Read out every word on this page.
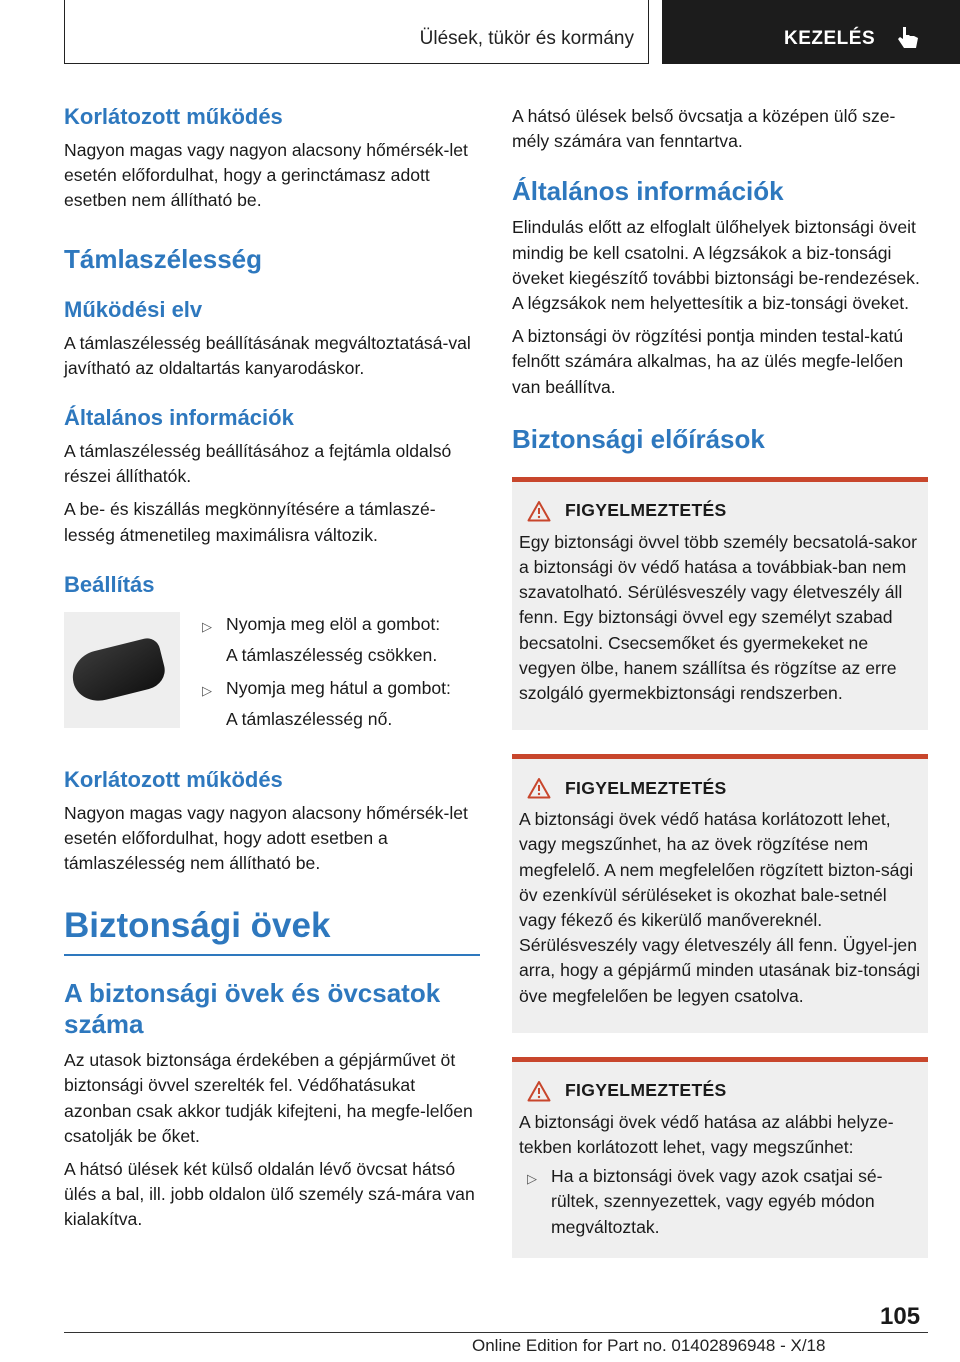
Ülések, tükör és kormány	KEZELÉS
Korlátozott működés
Nagyon magas vagy nagyon alacsony hőmérsék-let esetén előfordulhat, hogy a gerinctámasz adott esetben nem állítható be.
Támlaszélesség
Működési elv
A támlaszélesség beállításának megváltoztatásá-val javítható az oldaltartás kanyarodáskor.
Általános információk
A támlaszélesség beállításához a fejtámla oldalsó részei állíthatók.
A be- és kiszállás megkönnyítésére a támlaszé-lesség átmenetileg maximálisra változik.
Beállítás
▷ Nyomja meg elöl a gombot:
A támlaszélesség csökken.
▷ Nyomja meg hátul a gombot:
A támlaszélesség nő.
Korlátozott működés
Nagyon magas vagy nagyon alacsony hőmérsék-let esetén előfordulhat, hogy adott esetben a támlaszélesség nem állítható be.
Biztonsági övek
A biztonsági övek és övcsatok száma
Az utasok biztonsága érdekében a gépjárművet öt biztonsági övvel szerelték fel. Védőhatásukat azonban csak akkor tudják kifejteni, ha megfe-lelően csatolják be őket.
A hátsó ülések két külső oldalán lévő övcsat hátsó ülés a bal, ill. jobb oldalon ülő személy szá-mára van kialakítva.
A hátsó ülések belső övcsatja a középen ülő sze-mély számára van fenntartva.
Általános információk
Elindulás előtt az elfoglalt ülőhelyek biztonsági öveit mindig be kell csatolni. A légzsákok a biz-tonsági öveket kiegészítő további biztonsági be-rendezések. A légzsákok nem helyettesítik a biz-tonsági öveket.
A biztonsági öv rögzítési pontja minden testal-katú felnőtt számára alkalmas, ha az ülés megfe-lelően van beállítva.
Biztonsági előírások
FIGYELMEZTETÉS
Egy biztonsági övvel több személy becsatolá-sakor a biztonsági öv védő hatása a továbbiak-ban nem szavatolható. Sérülésveszély vagy életveszély áll fenn. Egy biztonsági övvel egy személyt szabad becsatolni. Csecsemőket és gyermekeket ne vegyen ölbe, hanem szállítsa és rögzítse az erre szolgáló gyermekbiztonsági rendszerben.
FIGYELMEZTETÉS
A biztonsági övek védő hatása korlátozott lehet, vagy megszűnhet, ha az övek rögzítése nem megfelelő. A nem megfelelően rögzített bizton-sági öv ezenkívül sérüléseket is okozhat bale-setnél vagy fékező és kikerülő manővereknél. Sérülésveszély vagy életveszély áll fenn. Ügyel-jen arra, hogy a gépjármű minden utasának biz-tonsági öve megfelelően be legyen csatolva.
FIGYELMEZTETÉS
A biztonsági övek védő hatása az alábbi helyze-tekben korlátozott lehet, vagy megszűnhet:
▷ Ha a biztonsági övek vagy azok csatjai sé-rültek, szennyezettek, vagy egyéb módon megváltoztak.
105
Online Edition for Part no. 01402896948 - X/18
